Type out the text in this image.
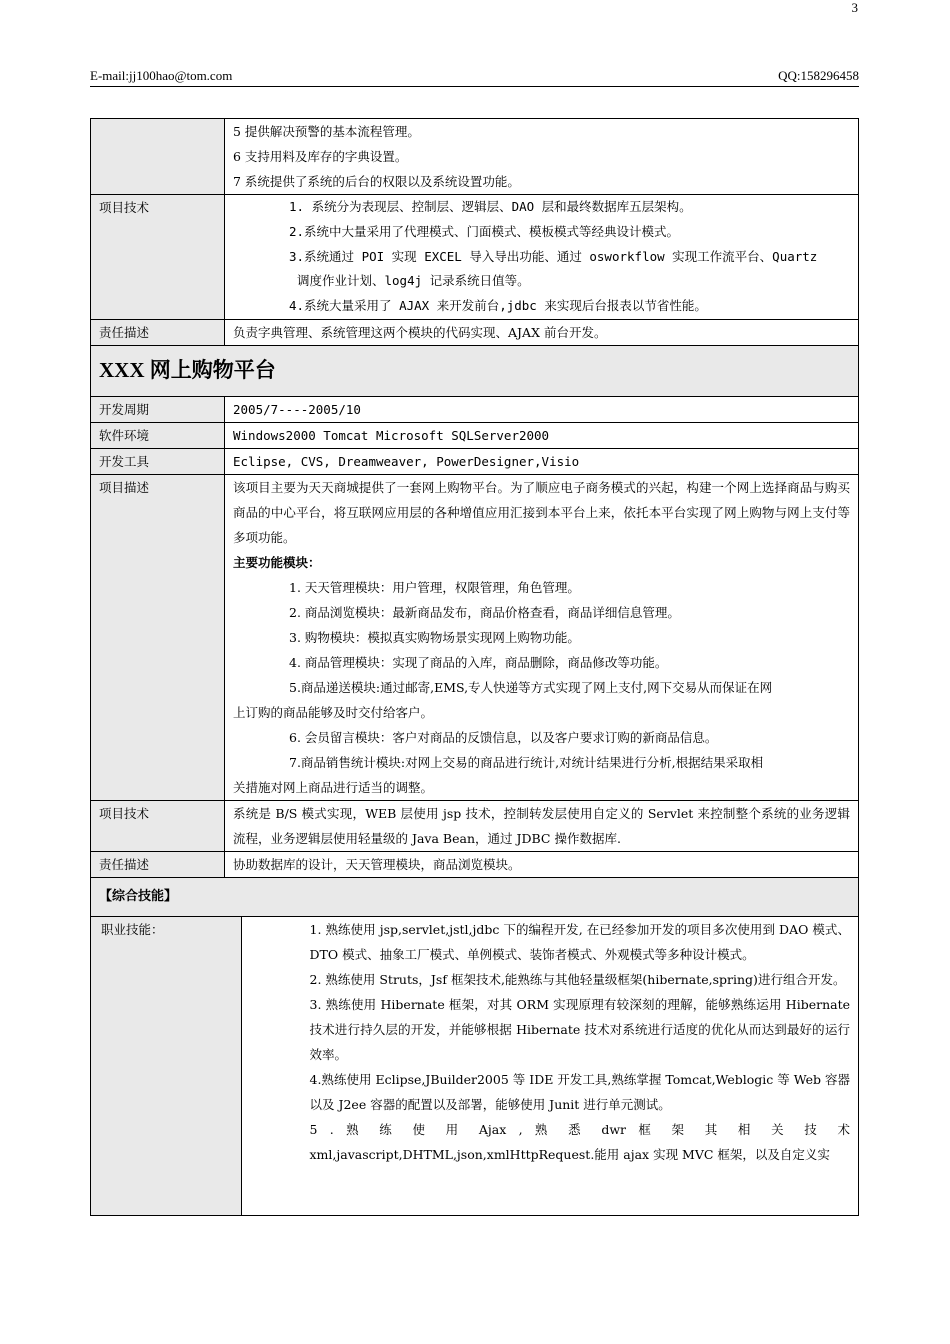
3
E-mail:jj100hao@tom.com	QQ:158296458

5 提供解决预警的基本流程管理。
6 支持用料及库存的字典设置。
7 系统提供了系统的后台的权限以及系统设置功能。

项目技术	1. 系统分为表现层、控制层、逻辑层、DAO 层和最终数据库五层架构。
2.系统中大量采用了代理模式、门面模式、模板模式等经典设计模式。
3.系统通过 POI 实现 EXCEL 导入导出功能、通过 osworkflow 实现工作流平台、Quartz
调度作业计划、log4j 记录系统日值等。
4.系统大量采用了 AJAX 来开发前台,jdbc 来实现后台报表以节省性能。

责任描述	负责字典管理、系统管理这两个模块的代码实现、AJAX 前台开发。
XXX 网上购物平台
开发周期	2005/7----2005/10
软件环境	Windows2000 Tomcat Microsoft SQLServer2000
开发工具	Eclipse, CVS, Dreamweaver, PowerDesigner,Visio
项目描述	该项目主要为天天商城提供了一套网上购物平台。为了顺应电子商务模式的兴起，构建一个网上选择商品与购买商品的中心平台，将互联网应用层的各种增值应用汇接到本平台上来，依托本平台实现了网上购物与网上支付等多项功能。
主要功能模块：
1. 天天管理模块：用户管理，权限管理，角色管理。
2. 商品浏览模块：最新商品发布，商品价格查看，商品详细信息管理。
3. 购物模块：模拟真实购物场景实现网上购物功能。
4. 商品管理模块：实现了商品的入库，商品删除，商品修改等功能。
5.商品递送模块:通过邮寄,EMS,专人快递等方式实现了网上支付,网下交易从而保证在网
上订购的商品能够及时交付给客户。
6. 会员留言模块：客户对商品的反馈信息，以及客户要求订购的新商品信息。
7.商品销售统计模块:对网上交易的商品进行统计,对统计结果进行分析,根据结果采取相
关措施对网上商品进行适当的调整。

项目技术	系统是 B/S 模式实现，WEB 层使用 jsp 技术，控制转发层使用自定义的 Servlet 来控制整个系统的业务逻辑流程，业务逻辑层使用轻量级的 Java Bean，通过 JDBC 操作数据库.
责任描述	协助数据库的设计，天天管理模块，商品浏览模块。
【综合技能】

职业技能：	1. 熟练使用 jsp,servlet,jstl,jdbc 下的编程开发, 在已经参加开发的项目多次使用到 DAO 模式、DTO 模式、抽象工厂模式、单例模式、装饰者模式、外观模式等多种设计模式。
2. 熟练使用 Struts，Jsf 框架技术,能熟练与其他轻量级框架(hibernate,spring)进行组合开发。
3. 熟练使用 Hibernate 框架，对其 ORM 实现原理有较深刻的理解，能够熟练运用 Hibernate 技术进行持久层的开发，并能够根据 Hibernate 技术对系统进行适度的优化从而达到最好的运行效率。
4.熟练使用 Eclipse,JBuilder2005 等 IDE 开发工具,熟练掌握 Tomcat,Weblogic 等 Web 容器以及 J2ee 容器的配置以及部署，能够使用 Junit 进行单元测试。
5 . 熟 练 使 用 Ajax , 熟 悉 dwr 框 架 其 相 关 技 术
xml,javascript,DHTML,json,xmlHttpRequest.能用 ajax 实现 MVC 框架，以及自定义实
